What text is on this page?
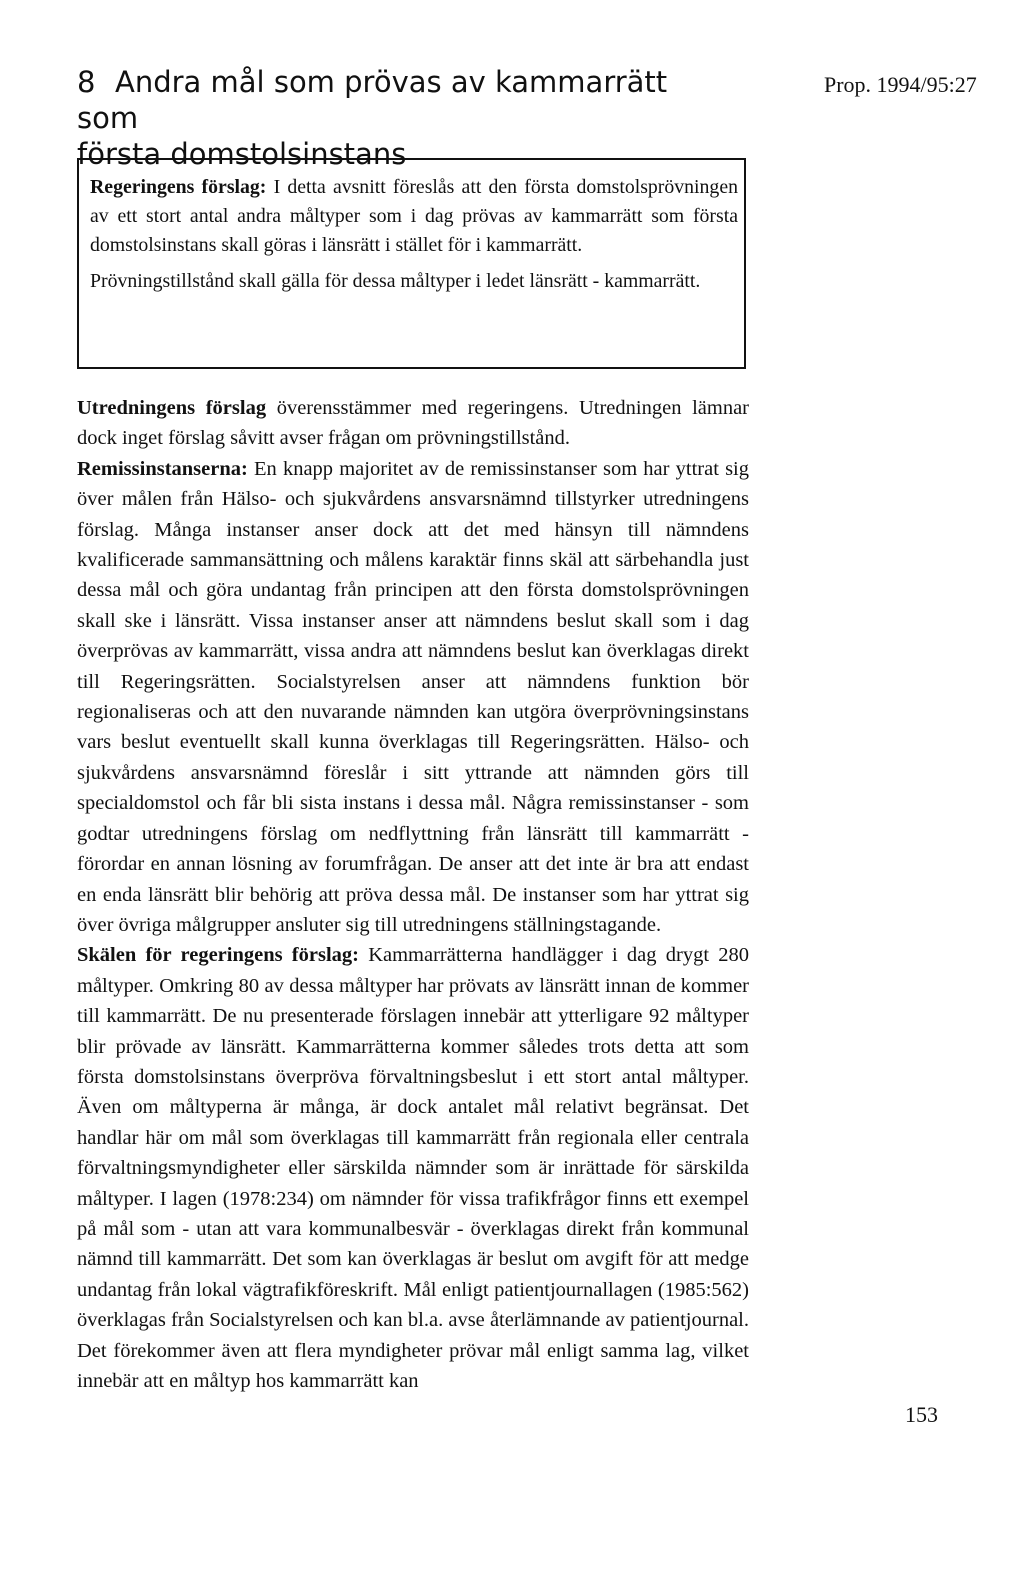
8 Andra mål som prövas av kammarrätt som
första domstolsinstans
Prop. 1994/95:27

Regeringens förslag: I detta avsnitt föreslås att den första domstolsprövningen av ett stort antal andra måltyper som i dag prövas av kammarrätt som första domstolsinstans skall göras i länsrätt i stället för i kammarrätt.

Prövningstillstånd skall gälla för dessa måltyper i ledet länsrätt - kammarrätt.

Utredningens förslag överensstämmer med regeringens. Utredningen lämnar dock inget förslag såvitt avser frågan om prövningstillstånd.

Remissinstanserna: En knapp majoritet av de remissinstanser som har yttrat sig över målen från Hälso- och sjukvårdens ansvarsnämnd tillstyrker utredningens förslag. Många instanser anser dock att det med hänsyn till nämndens kvalificerade sammansättning och målens karaktär finns skäl att särbehandla just dessa mål och göra undantag från principen att den första domstolsprövningen skall ske i länsrätt. Vissa instanser anser att nämndens beslut skall som i dag överprövas av kammarrätt, vissa andra att nämndens beslut kan överklagas direkt till Regeringsrätten. Socialstyrelsen anser att nämndens funktion bör regionaliseras och att den nuvarande nämnden kan utgöra överprövningsinstans vars beslut eventuellt skall kunna överklagas till Regeringsrätten. Hälso- och sjukvårdens ansvarsnämnd föreslår i sitt yttrande att nämnden görs till specialdomstol och får bli sista instans i dessa mål. Några remissinstanser - som godtar utredningens förslag om nedflyttning från länsrätt till kammarrätt - förordar en annan lösning av forumfrågan. De anser att det inte är bra att endast en enda länsrätt blir behörig att pröva dessa mål. De instanser som har yttrat sig över övriga målgrupper ansluter sig till utredningens ställningstagande.

Skälen för regeringens förslag: Kammarrätterna handlägger i dag drygt 280 måltyper. Omkring 80 av dessa måltyper har prövats av länsrätt innan de kommer till kammarrätt. De nu presenterade förslagen innebär att ytterligare 92 måltyper blir prövade av länsrätt. Kammarrätterna kommer således trots detta att som första domstolsinstans överpröva förvaltningsbeslut i ett stort antal måltyper. Även om måltyperna är många, är dock antalet mål relativt begränsat. Det handlar här om mål som överklagas till kammarrätt från regionala eller centrala förvaltningsmyndigheter eller särskilda nämnder som är inrättade för särskilda måltyper. I lagen (1978:234) om nämnder för vissa trafikfrågor finns ett exempel på mål som - utan att vara kommunalbesvär - överklagas direkt från kommunal nämnd till kammarrätt. Det som kan överklagas är beslut om avgift för att medge undantag från lokal vägtrafikföreskrift. Mål enligt patientjournallagen (1985:562) överklagas från Socialstyrelsen och kan bl.a. avse återlämnande av patientjournal. Det förekommer även att flera myndigheter prövar mål enligt samma lag, vilket innebär att en måltyp hos kammarrätt kan

153
